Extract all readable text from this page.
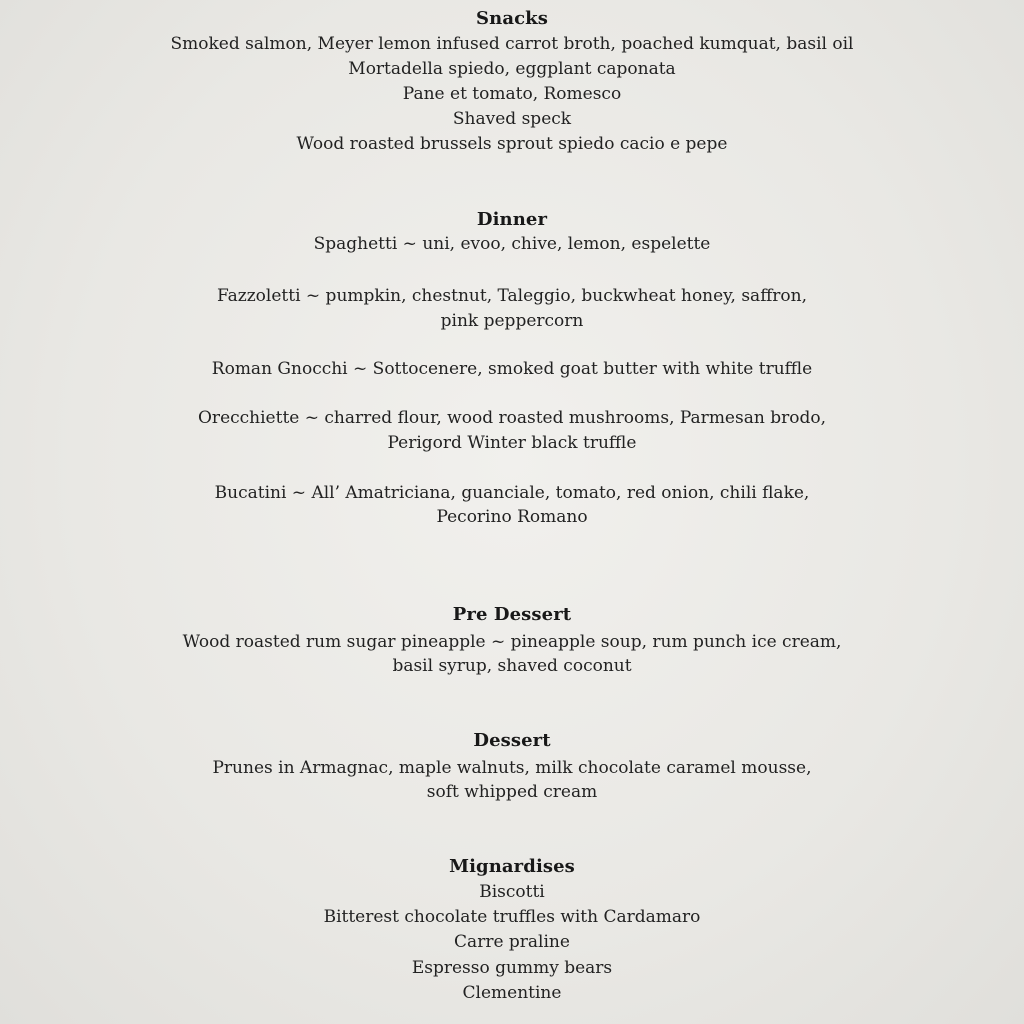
Snacks
Smoked salmon, Meyer lemon infused carrot broth, poached kumquat, basil oil
Mortadella spiedo, eggplant caponata
Pane et tomato, Romesco
Shaved speck
Wood roasted brussels sprout spiedo cacio e pepe
Dinner
Spaghetti ~ uni, evoo, chive, lemon, espelette
Fazzoletti ~ pumpkin, chestnut, Taleggio, buckwheat honey, saffron,
pink peppercorn
Roman Gnocchi ~ Sottocenere, smoked goat butter with white truffle
Orecchiette ~ charred flour, wood roasted mushrooms, Parmesan brodo,
Perigord Winter black truffle
Bucatini ~ All’ Amatriciana, guanciale, tomato, red onion, chili flake,
Pecorino Romano
Pre Dessert
Wood roasted rum sugar pineapple ~ pineapple soup, rum punch ice cream,
basil syrup, shaved coconut
Dessert
Prunes in Armagnac, maple walnuts, milk chocolate caramel mousse,
soft whipped cream
Mignardises
Biscotti
Bitterest chocolate truffles with Cardamaro
Carre praline
Espresso gummy bears
Clementine
